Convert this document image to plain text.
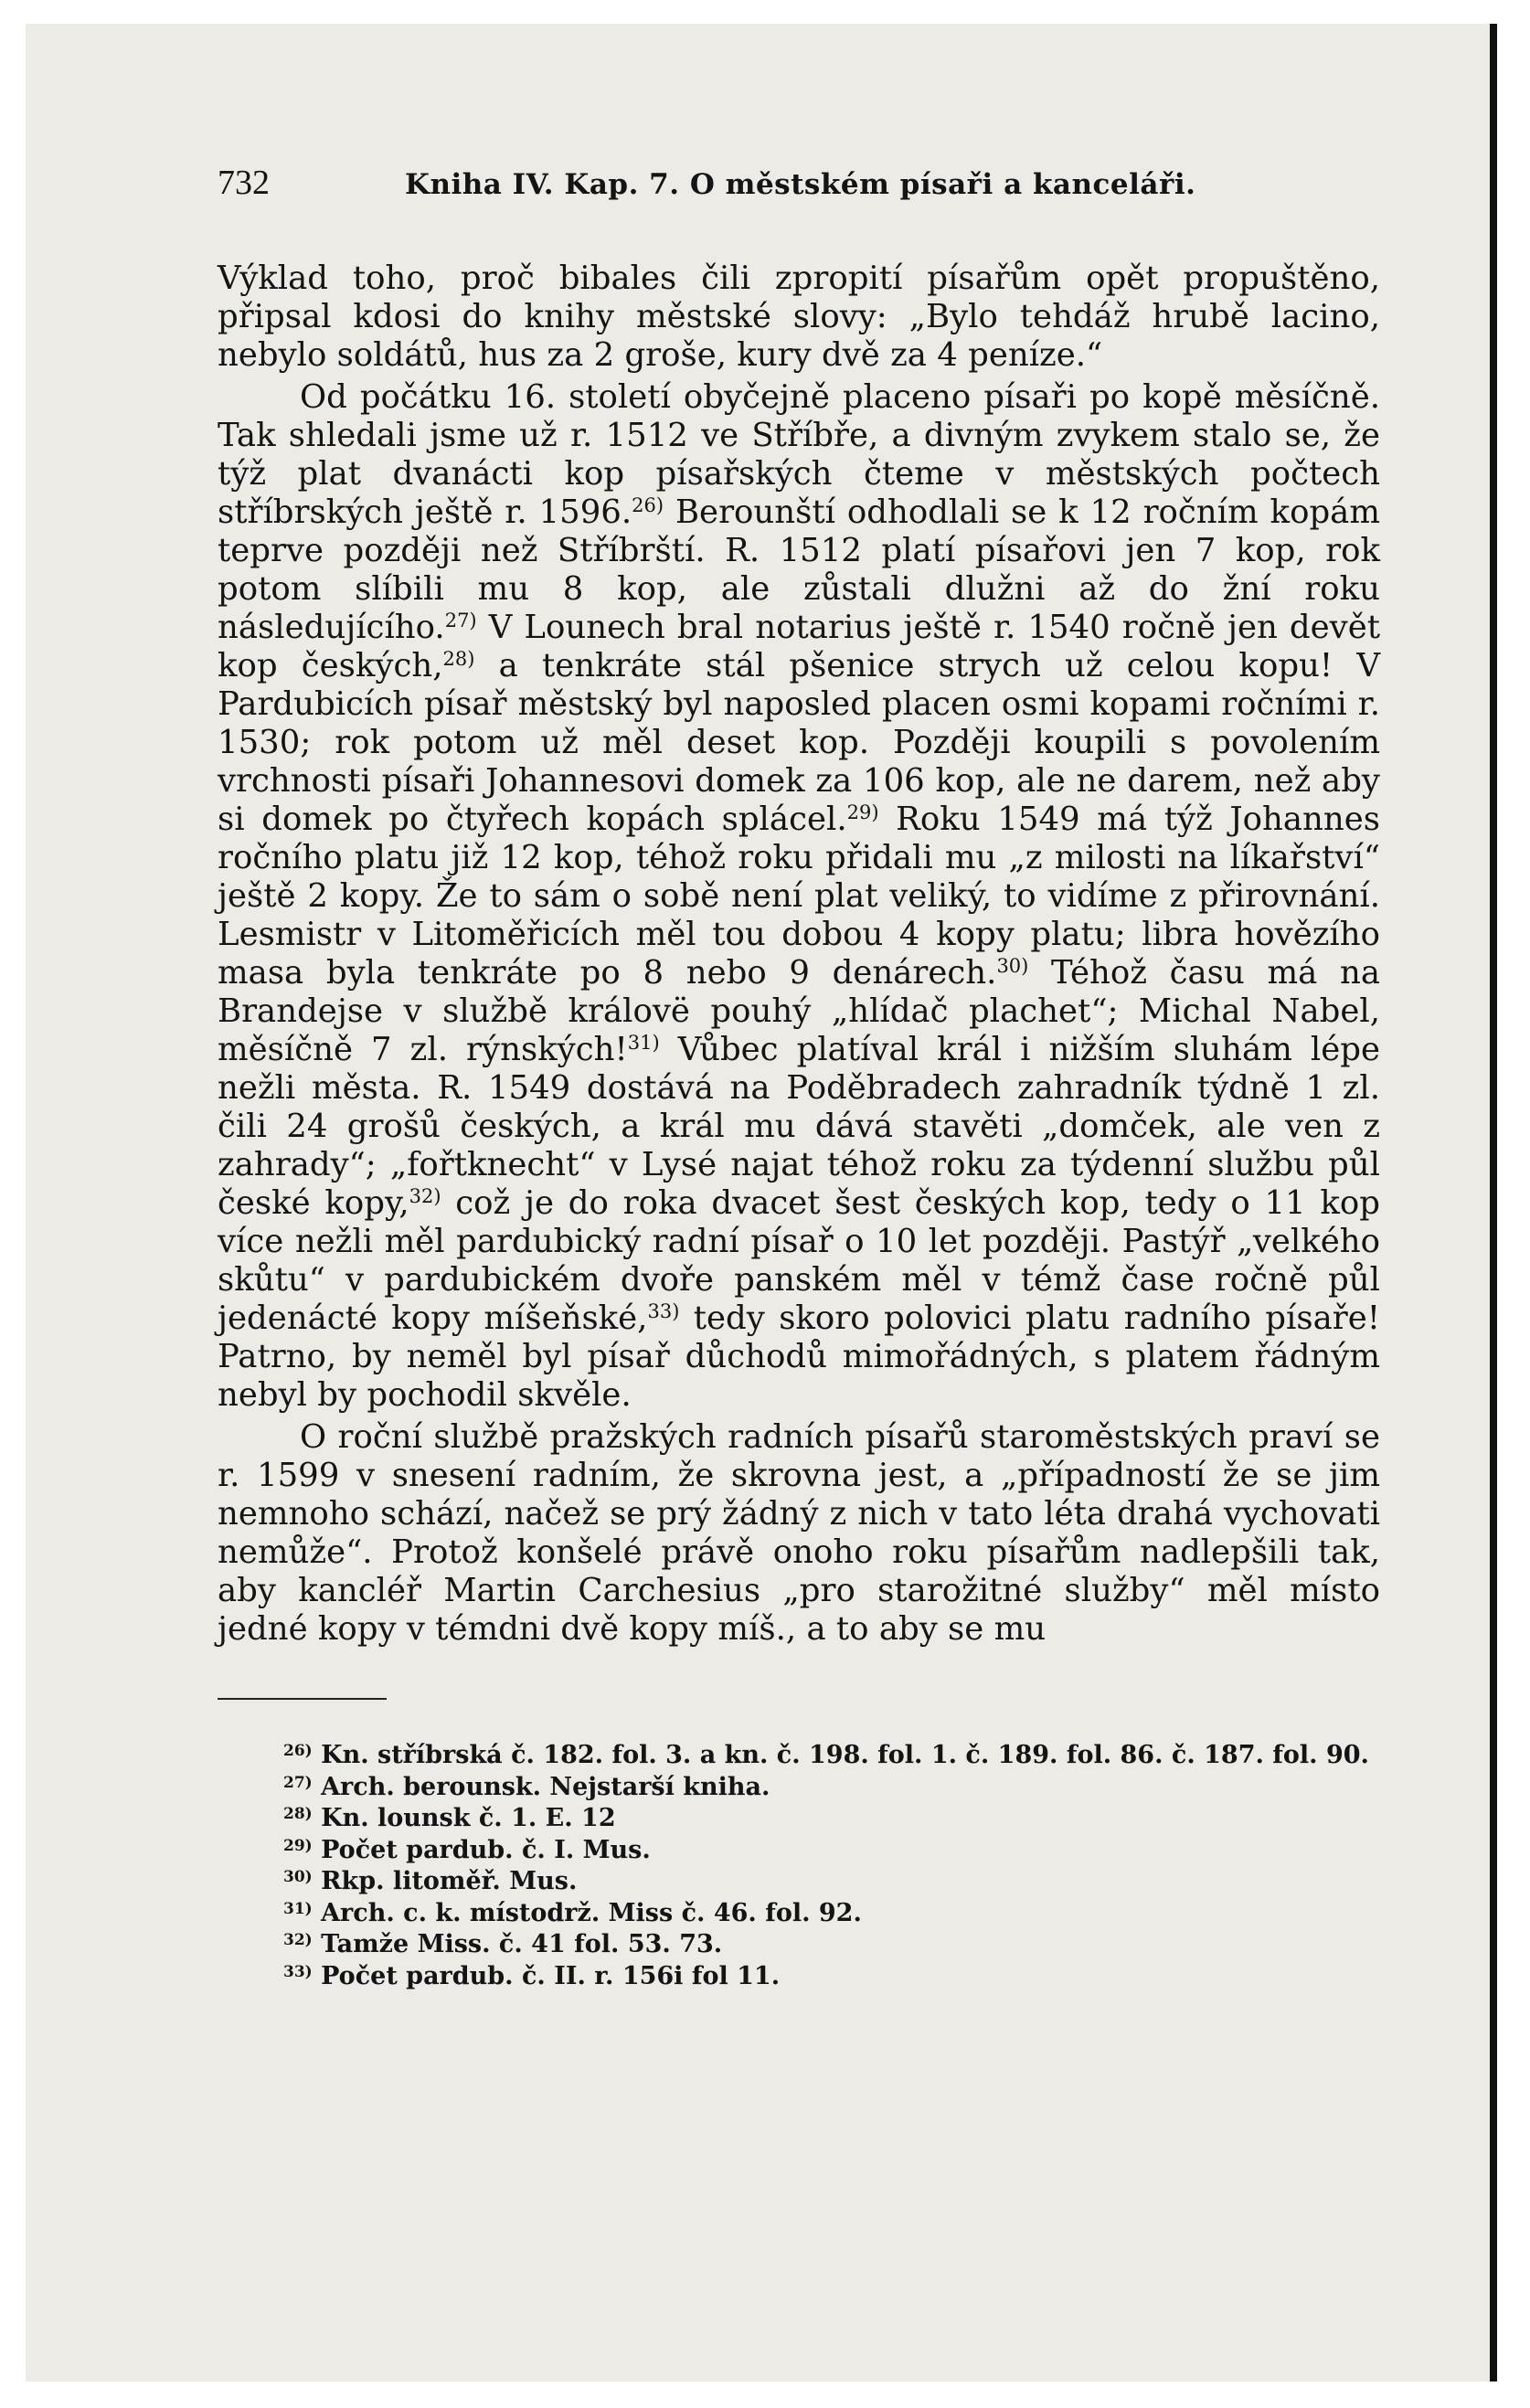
732	Kniha IV. Kap. 7. O městském písaři a kanceláři.

Výklad toho, proč bibales čili zpropití písařům opět propuštěno, připsal kdosi do knihy městské slovy: „Bylo tehdáž hrubě lacino, nebylo soldátů, hus za 2 groše, kury dvě za 4 peníze.“

Od počátku 16. století obyčejně placeno písaři po kopě měsíčně. Tak shledali jsme už r. 1512 ve Stříbře, a divným zvykem stalo se, že týž plat dvanácti kop písařských čteme v městských počtech stříbrských ještě r. 1596.$^{26)}$ Berounští odhodlali se k 12 ročním kopám teprve později než Stříbrští. R. 1512 platí písařovi jen 7 kop, rok potom slíbili mu 8 kop, ale zůstali dlužni až do žní roku následujícího.$^{27)}$ V Lounech bral notarius ještě r. 1540 ročně jen devět kop českých,$^{28)}$ a tenkráte stál pšenice strych už celou kopu! V Pardubicích písař městský byl naposled placen osmi kopami ročními r. 1530; rok potom už měl deset kop. Později koupili s povolením vrchnosti písaři Johannesovi domek za 106 kop, ale ne darem, než aby si domek po čtyřech kopách splácel.$^{29)}$ Roku 1549 má týž Johannes ročního platu již 12 kop, téhož roku přidali mu „z milosti na líkařství“ ještě 2 kopy. Že to sám o sobě není plat veliký, to vidíme z přirovnání. Lesmistr v Litoměřicích měl tou dobou 4 kopy platu; libra hovězího masa byla tenkráte po 8 nebo 9 denárech.$^{30)}$ Téhož času má na Brandejse v službě královë pouhý „hlídač plachet“; Michal Nabel, měsíčně 7 zl. rýnských!$^{31)}$ Vůbec platíval král i nižším sluhám lépe nežli města. R. 1549 dostává na Poděbradech zahradník týdně 1 zl. čili 24 grošů českých, a král mu dává stavěti „domček, ale ven z zahrady“; „fořtknecht“ v Lysé najat téhož roku za týdenní službu půl české kopy,$^{32)}$ což je do roka dvacet šest českých kop, tedy o 11 kop více nežli měl pardubický radní písař o 10 let později. Pastýř „velkého skůtu“ v pardubickém dvoře panském měl v témž čase ročně půl jedenácté kopy míšeňské,$^{33)}$ tedy skoro polovici platu radního písaře! Patrno, by neměl byl písař důchodů mimořádných, s platem řádným nebyl by pochodil skvěle.

O roční službě pražských radních písařů staroměstských praví se r. 1599 v snesení radním, že skrovna jest, a „případností že se jim nemnoho schází, načež se prý žádný z nich v tato léta drahá vychovati nemůže“. Protož konšelé právě onoho roku písařům nadlepšili tak, aby kancléř Martin Carchesius „pro starožitné služby“ měl místo jedné kopy v témdni dvě kopy míš., a to aby se mu

$^{26)}$ Kn. stříbrská č. 182. fol. 3. a kn. č. 198. fol. 1. č. 189. fol. 86. č. 187. fol. 90.
$^{27)}$ Arch. berounsk. Nejstarší kniha.
$^{28)}$ Kn. lounsk č. 1. E. 12
$^{29)}$ Počet pardub. č. I. Mus.
$^{30)}$ Rkp. litoměř. Mus.
$^{31)}$ Arch. c. k. místodrž. Miss č. 46. fol. 92.
$^{32)}$ Tamže Miss. č. 41 fol. 53. 73.
$^{33)}$ Počet pardub. č. II. r. 156i fol 11.
